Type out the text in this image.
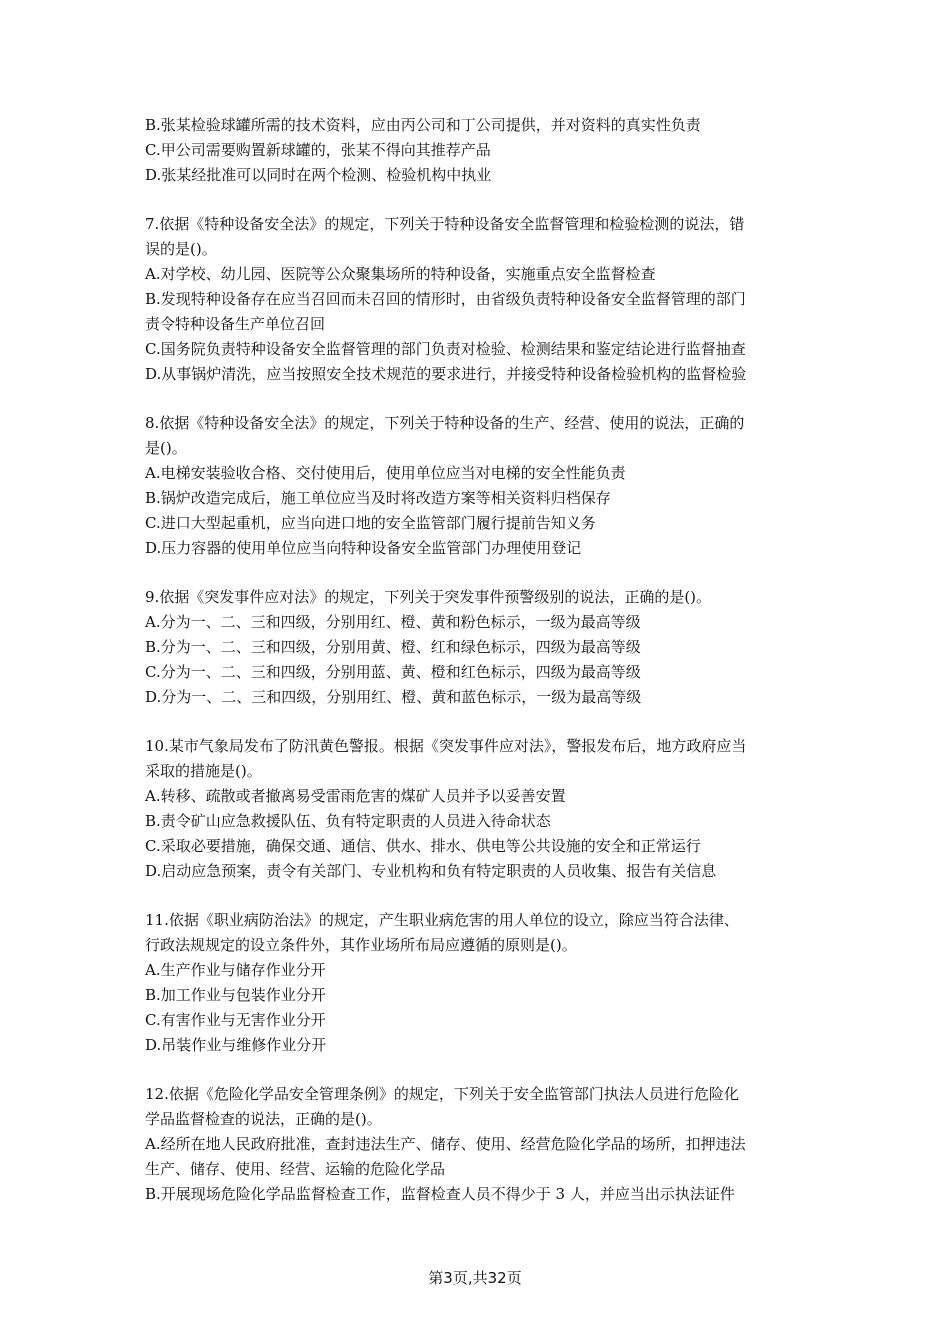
B.张某检验球罐所需的技术资料，应由丙公司和丁公司提供，并对资料的真实性负责
C.甲公司需要购置新球罐的，张某不得向其推荐产品
D.张某经批准可以同时在两个检测、检验机构中执业
7.依据《特种设备安全法》的规定，下列关于特种设备安全监督管理和检验检测的说法，错
误的是()。
A.对学校、幼儿园、医院等公众聚集场所的特种设备，实施重点安全监督检查
B.发现特种设备存在应当召回而未召回的情形时，由省级负责特种设备安全监督管理的部门
责令特种设备生产单位召回
C.国务院负责特种设备安全监督管理的部门负责对检验、检测结果和鉴定结论进行监督抽查
D.从事锅炉清洗，应当按照安全技术规范的要求进行，并接受特种设备检验机构的监督检验
8.依据《特种设备安全法》的规定，下列关于特种设备的生产、经营、使用的说法，正确的
是()。
A.电梯安装验收合格、交付使用后，使用单位应当对电梯的安全性能负责
B.锅炉改造完成后，施工单位应当及时将改造方案等相关资料归档保存
C.进口大型起重机，应当向进口地的安全监管部门履行提前告知义务
D.压力容器的使用单位应当向特种设备安全监管部门办理使用登记
9.依据《突发事件应对法》的规定，下列关于突发事件预警级别的说法，正确的是()。
A.分为一、二、三和四级，分别用红、橙、黄和粉色标示，一级为最高等级
B.分为一、二、三和四级，分别用黄、橙、红和绿色标示，四级为最高等级
C.分为一、二、三和四级，分别用蓝、黄、橙和红色标示，四级为最高等级
D.分为一、二、三和四级，分别用红、橙、黄和蓝色标示，一级为最高等级
10.某市气象局发布了防汛黄色警报。根据《突发事件应对法》，警报发布后，地方政府应当
采取的措施是()。
A.转移、疏散或者撤离易受雷雨危害的煤矿人员并予以妥善安置
B.责令矿山应急救援队伍、负有特定职责的人员进入待命状态
C.采取必要措施，确保交通、通信、供水、排水、供电等公共设施的安全和正常运行
D.启动应急预案，责令有关部门、专业机构和负有特定职责的人员收集、报告有关信息
11.依据《职业病防治法》的规定，产生职业病危害的用人单位的设立，除应当符合法律、
行政法规规定的设立条件外，其作业场所布局应遵循的原则是()。
A.生产作业与储存作业分开
B.加工作业与包装作业分开
C.有害作业与无害作业分开
D.吊装作业与维修作业分开
12.依据《危险化学品安全管理条例》的规定，下列关于安全监管部门执法人员进行危险化
学品监督检查的说法，正确的是()。
A.经所在地人民政府批准，查封违法生产、储存、使用、经营危险化学品的场所，扣押违法
生产、储存、使用、经营、运输的危险化学品
B.开展现场危险化学品监督检查工作，监督检查人员不得少于 3 人，并应当出示执法证件
第3页,共32页
